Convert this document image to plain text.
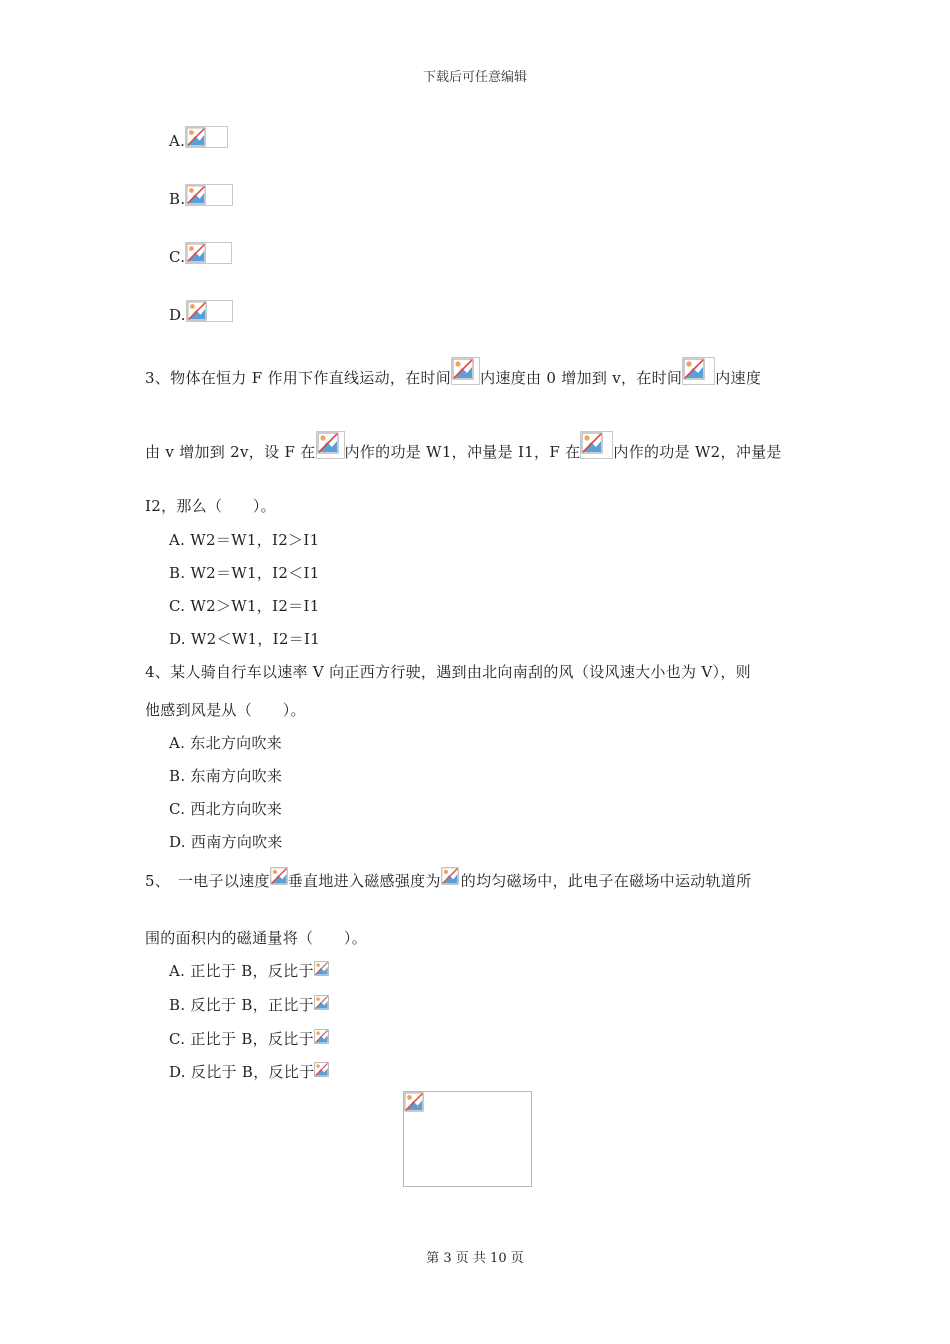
下载后可任意编辑
A.
B.
C.
D.
3、物体在恒力 F 作用下作直线运动，在时间 内速度由 0 增加到 v，在时间 内速度
由 v 增加到 2v，设 F 在 内作的功是 W1，冲量是 I1，F 在 内作的功是 W2，冲量是
I2，那么（　　）。
A. W2＝W1，I2＞I1
B. W2＝W1，I2＜I1
C. W2＞W1，I2＝I1
D. W2＜W1，I2＝I1
4、某人骑自行车以速率 V 向正西方行驶，遇到由北向南刮的风（设风速大小也为 V），则
他感到风是从（　　）。
A. 东北方向吹来
B. 东南方向吹来
C. 西北方向吹来
D. 西南方向吹来
5、　一电子以速度 垂直地进入磁感强度为 的均匀磁场中，此电子在磁场中运动轨道所
围的面积内的磁通量将（　　）。
A. 正比于 B，反比于
B. 反比于 B，正比于
C. 正比于 B，反比于
D. 反比于 B，反比于
第 3 页 共 10 页
